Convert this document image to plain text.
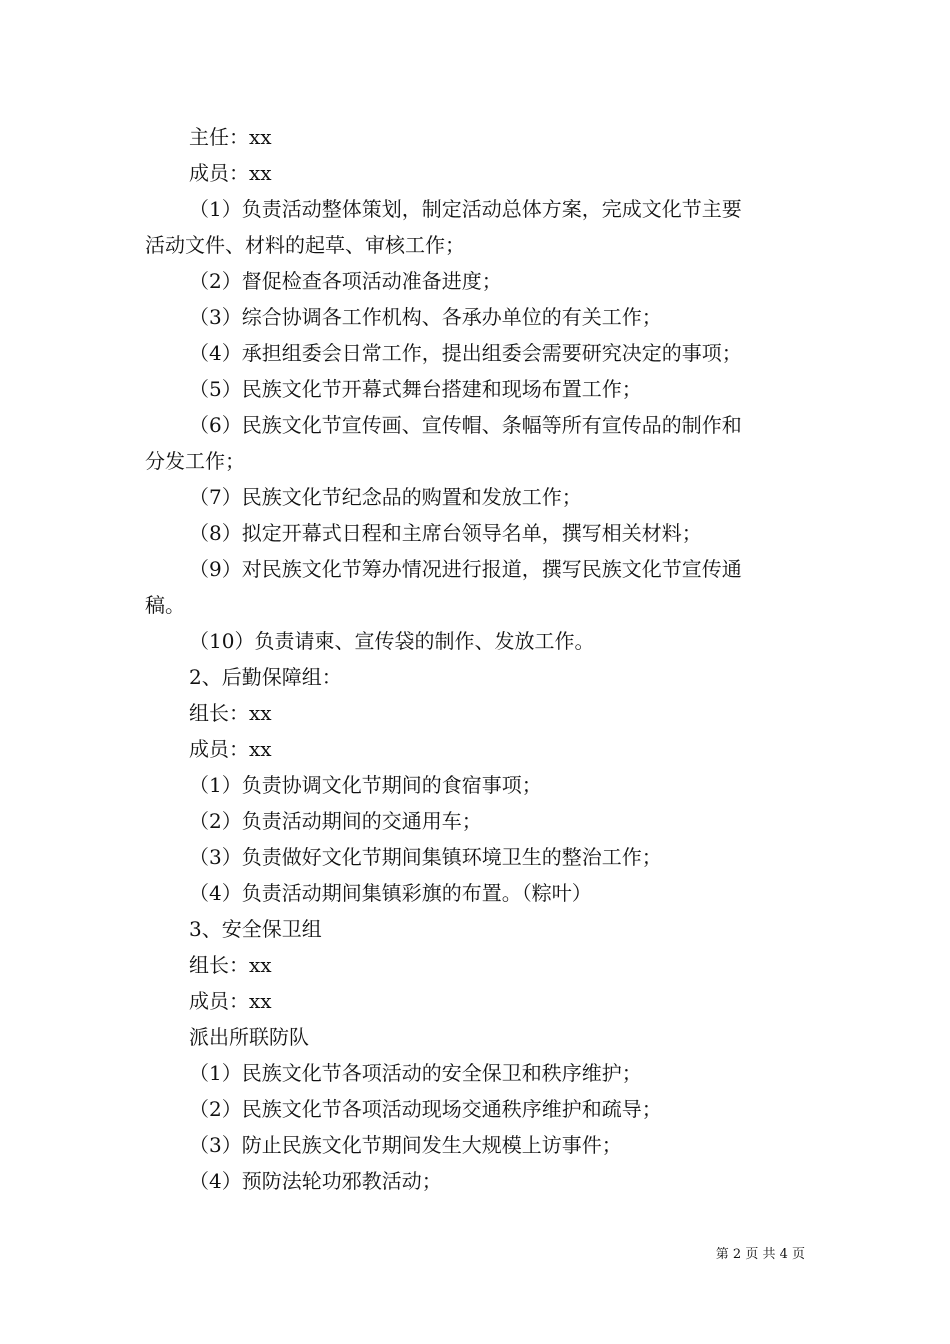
主任：xx

成员：xx

（1）负责活动整体策划，制定活动总体方案，完成文化节主要

活动文件、材料的起草、审核工作；

（2）督促检查各项活动准备进度；

（3）综合协调各工作机构、各承办单位的有关工作；

（4）承担组委会日常工作，提出组委会需要研究决定的事项；

（5）民族文化节开幕式舞台搭建和现场布置工作；

（6）民族文化节宣传画、宣传帽、条幅等所有宣传品的制作和

分发工作；

（7）民族文化节纪念品的购置和发放工作；

（8）拟定开幕式日程和主席台领导名单，撰写相关材料；

（9）对民族文化节筹办情况进行报道，撰写民族文化节宣传通

稿。

（10）负责请柬、宣传袋的制作、发放工作。

2、后勤保障组：

组长：xx

成员：xx

（1）负责协调文化节期间的食宿事项；

（2）负责活动期间的交通用车；

（3）负责做好文化节期间集镇环境卫生的整治工作；

（4）负责活动期间集镇彩旗的布置。（粽叶）

3、安全保卫组

组长：xx

成员：xx

派出所联防队

（1）民族文化节各项活动的安全保卫和秩序维护；

（2）民族文化节各项活动现场交通秩序维护和疏导；

（3）防止民族文化节期间发生大规模上访事件；

（4）预防法轮功邪教活动；

第 2 页 共 4 页
